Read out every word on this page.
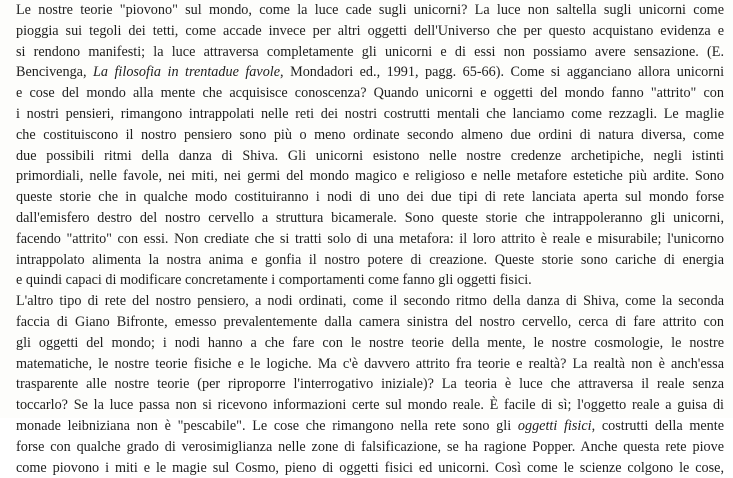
Le nostre teorie "piovono" sul mondo, come la luce cade sugli unicorni? La luce non saltella sugli unicorni come
pioggia sui tegoli dei tetti, come accade invece per altri oggetti dell'Universo che per questo acquistano evidenza e
si rendono manifesti; la luce attraversa completamente gli unicorni e di essi non possiamo avere sensazione. (E.
Bencivenga, La filosofia in trentadue favole, Mondadori ed., 1991, pagg. 65-66). Come si agganciano allora unicorni
e cose del mondo alla mente che acquisisce conoscenza? Quando unicorni e oggetti del mondo fanno "attrito" con
i nostri pensieri, rimangono intrappolati nelle reti dei nostri costrutti mentali che lanciamo come rezzagli. Le maglie
che costituiscono il nostro pensiero sono più o meno ordinate secondo almeno due ordini di natura diversa, come
due possibili ritmi della danza di Shiva. Gli unicorni esistono nelle nostre credenze archetipiche, negli istinti
primordiali, nelle favole, nei miti, nei germi del mondo magico e religioso e nelle metafore estetiche più ardite. Sono
queste storie che in qualche modo costituiranno i nodi di uno dei due tipi di rete lanciata aperta sul mondo forse
dall'emisfero destro del nostro cervello a struttura bicamerale. Sono queste storie che intrappoleranno gli unicorni,
facendo "attrito" con essi. Non crediate che si tratti solo di una metafora: il loro attrito è reale e misurabile; l'unicorno
intrappolato alimenta la nostra anima e gonfia il nostro potere di creazione. Queste storie sono cariche di energia
e quindi capaci di modificare concretamente i comportamenti come fanno gli oggetti fisici.
L'altro tipo di rete del nostro pensiero, a nodi ordinati, come il secondo ritmo della danza di Shiva, come la seconda
faccia di Giano Bifronte, emesso prevalentemente dalla camera sinistra del nostro cervello, cerca di fare attrito con
gli oggetti del mondo; i nodi hanno a che fare con le nostre teorie della mente, le nostre cosmologie, le nostre
matematiche, le nostre teorie fisiche e le logiche. Ma c'è davvero attrito fra teorie e realtà? La realtà non è anch'essa
trasparente alle nostre teorie (per riproporre l'interrogativo iniziale)? La teoria è luce che attraversa il reale senza
toccarlo? Se la luce passa non si ricevono informazioni certe sul mondo reale. È facile di sì; l'oggetto reale a guisa di
monade leibniziana non è "pescabile". Le cose che rimangono nella rete sono gli oggetti fisici, costrutti della mente
forse con qualche grado di verosimiglianza nelle zone di falsificazione, se ha ragione Popper. Anche questa rete piove
come piovono i miti e le magie sul Cosmo, pieno di oggetti fisici ed unicorni. Così come le scienze colgono le cose,
